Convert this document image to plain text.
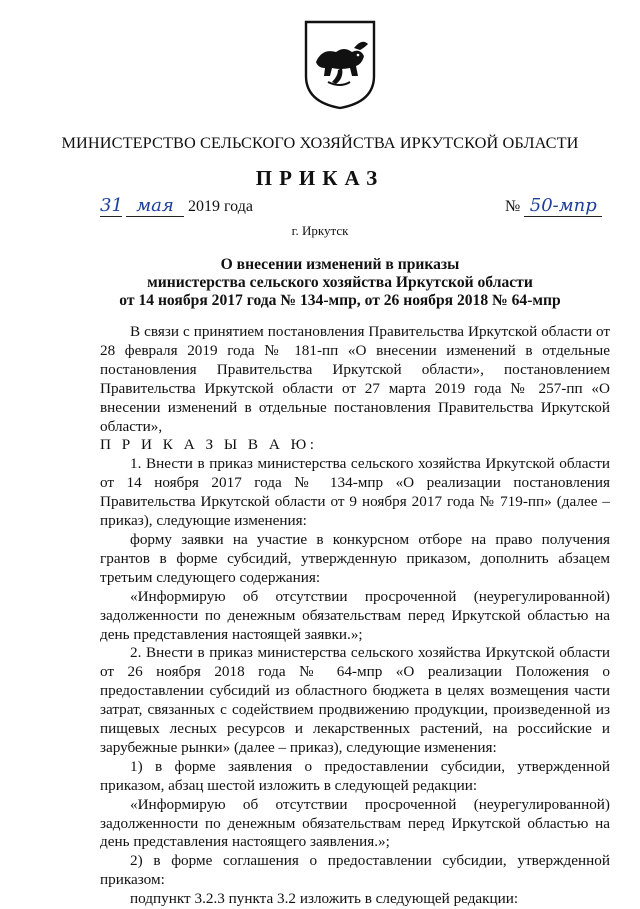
МИНИСТЕРСТВО СЕЛЬСКОГО ХОЗЯЙСТВА ИРКУТСКОЙ ОБЛАСТИ
ПРИКАЗ
31 мая 2019 года	№ 50-мпр
г. Иркутск
О внесении изменений в приказы
министерства сельского хозяйства Иркутской области
от 14 ноября 2017 года № 134-мпр, от 26 ноября 2018 № 64-мпр
В связи с принятием постановления Правительства Иркутской области от 28 февраля 2019 года № 181-пп «О внесении изменений в отдельные постановления Правительства Иркутской области», постановлением Правительства Иркутской области от 27 марта 2019 года № 257-пп «О внесении изменений в отдельные постановления Правительства Иркутской области»,
П Р И К А З Ы В А Ю:
1. Внести в приказ министерства сельского хозяйства Иркутской области от 14 ноября 2017 года № 134-мпр «О реализации постановления Правительства Иркутской области от 9 ноября 2017 года № 719-пп» (далее – приказ), следующие изменения:
форму заявки на участие в конкурсном отборе на право получения грантов в форме субсидий, утвержденную приказом, дополнить абзацем третьим следующего содержания:
«Информирую об отсутствии просроченной (неурегулированной) задолженности по денежным обязательствам перед Иркутской областью на день представления настоящей заявки.»;
2. Внести в приказ министерства сельского хозяйства Иркутской области от 26 ноября 2018 года № 64-мпр «О реализации Положения о предоставлении субсидий из областного бюджета в целях возмещения части затрат, связанных с содействием продвижению продукции, произведенной из пищевых лесных ресурсов и лекарственных растений, на российские и зарубежные рынки» (далее – приказ), следующие изменения:
1) в форме заявления о предоставлении субсидии, утвержденной приказом, абзац шестой изложить в следующей редакции:
«Информирую об отсутствии просроченной (неурегулированной) задолженности по денежным обязательствам перед Иркутской областью на день представления настоящего заявления.»;
2) в форме соглашения о предоставлении субсидии, утвержденной приказом:
подпункт 3.2.3 пункта 3.2 изложить в следующей редакции:
